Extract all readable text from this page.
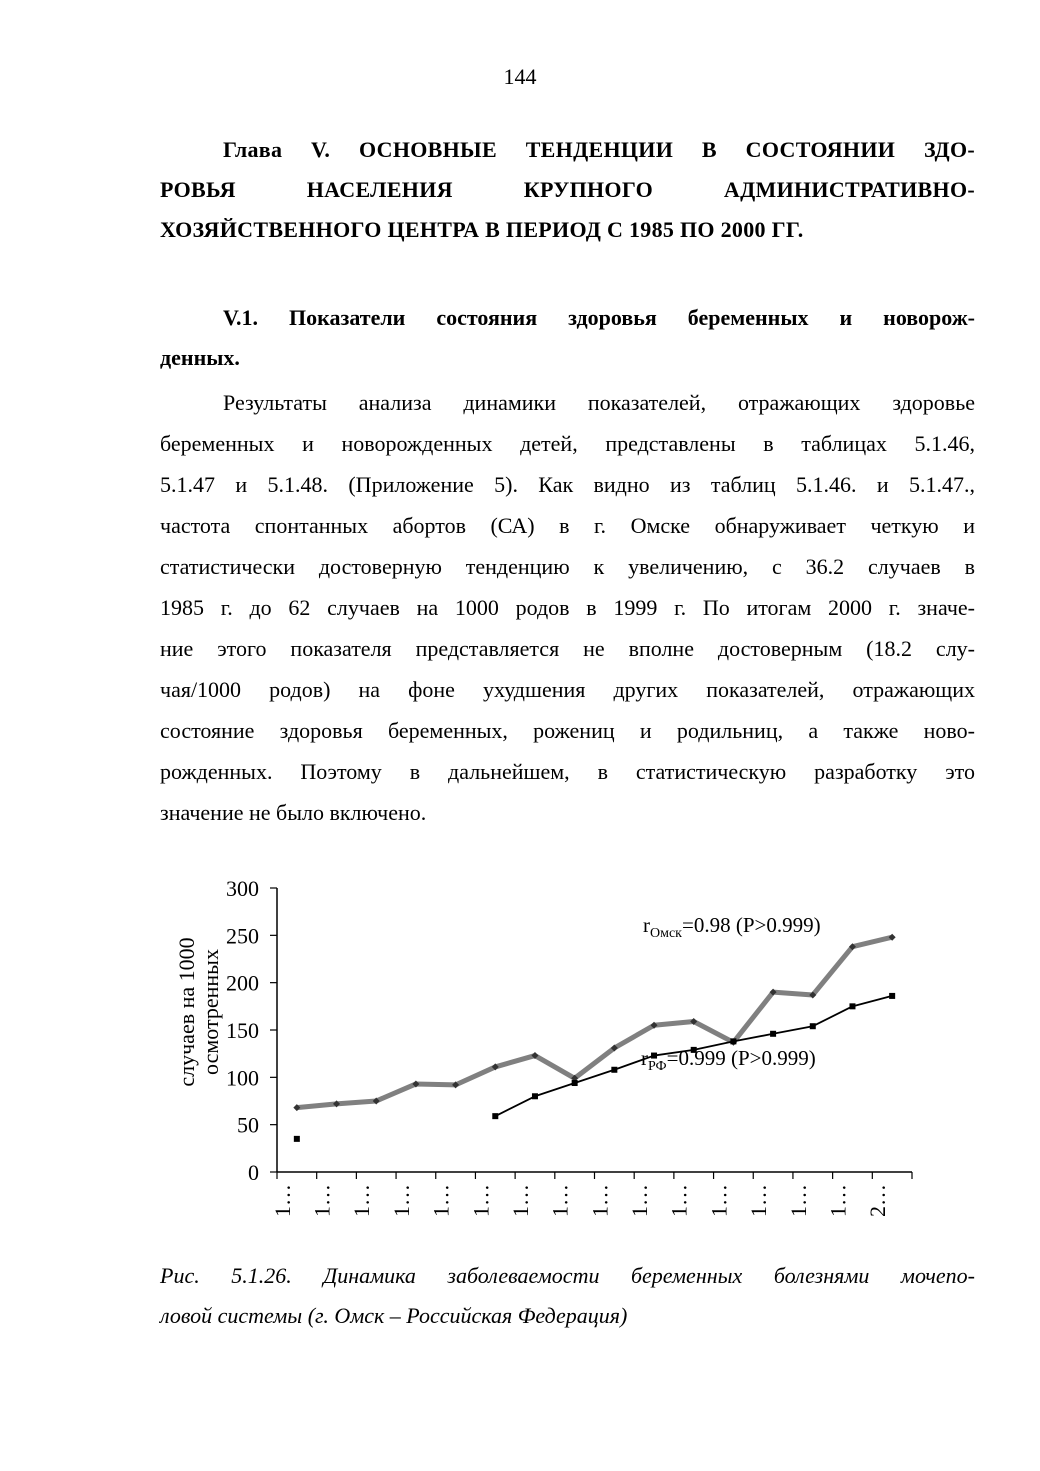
144
Глава V. ОСНОВНЫЕ ТЕНДЕНЦИИ В СОСТОЯНИИ ЗДО-
РОВЬЯ НАСЕЛЕНИЯ КРУПНОГО АДМИНИСТРАТИВНО-
ХОЗЯЙСТВЕННОГО ЦЕНТРА В ПЕРИОД С 1985 ПО 2000 ГГ.
V.1. Показатели состояния здоровья беременных и новорож-
денных.
Результаты анализа динамики показателей, отражающих здоровье
беременных и новорожденных детей, представлены в таблицах 5.1.46,
5.1.47 и 5.1.48. (Приложение 5). Как видно из таблиц 5.1.46. и 5.1.47.,
частота спонтанных абортов (СА) в г. Омске обнаруживает четкую и
статистически достоверную тенденцию к увеличению, с 36.2 случаев в
1985 г. до 62 случаев на 1000 родов в 1999 г. По итогам 2000 г. значе-
ние этого показателя представляется не вполне достоверным (18.2 слу-
чая/1000 родов) на фоне ухудшения других показателей, отражающих
состояние здоровья беременных, рожениц и родильниц, а также ново-
рожденных. Поэтому в дальнейшем, в статистическую разработку это
значение не было включено.
случаев на 1000 осмотренных
0
50
100
150
200
250
300
1… 1… 1… 1… 1… 1… 1… 1… 1… 1… 1… 1… 1… 1… 1… 2…
$r_{Омск}=0.98$ (P>0.999)
$r_{РФ}=0.999$ (P>0.999)
Рис. 5.1.26. Динамика заболеваемости беременных болезнями мочепо-
ловой системы (г. Омск – Российская Федерация)
